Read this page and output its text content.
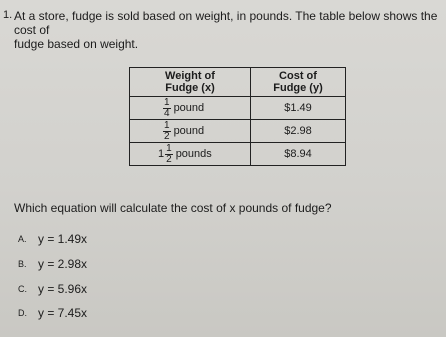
1. At a store, fudge is sold based on weight, in pounds. The table below shows the cost of
fudge based on weight.
Weight of
Fudge (x)	Cost of
Fudge (y)

$\frac{1}{4}$ pound	$1.49

$\frac{1}{2}$ pound	$2.98

$1 \frac{1}{2}$ pounds	$8.94
Which equation will calculate the cost of x pounds of fudge?
A. y = 1.49x
B. y = 2.98x
C. y = 5.96x
D. y = 7.45x
